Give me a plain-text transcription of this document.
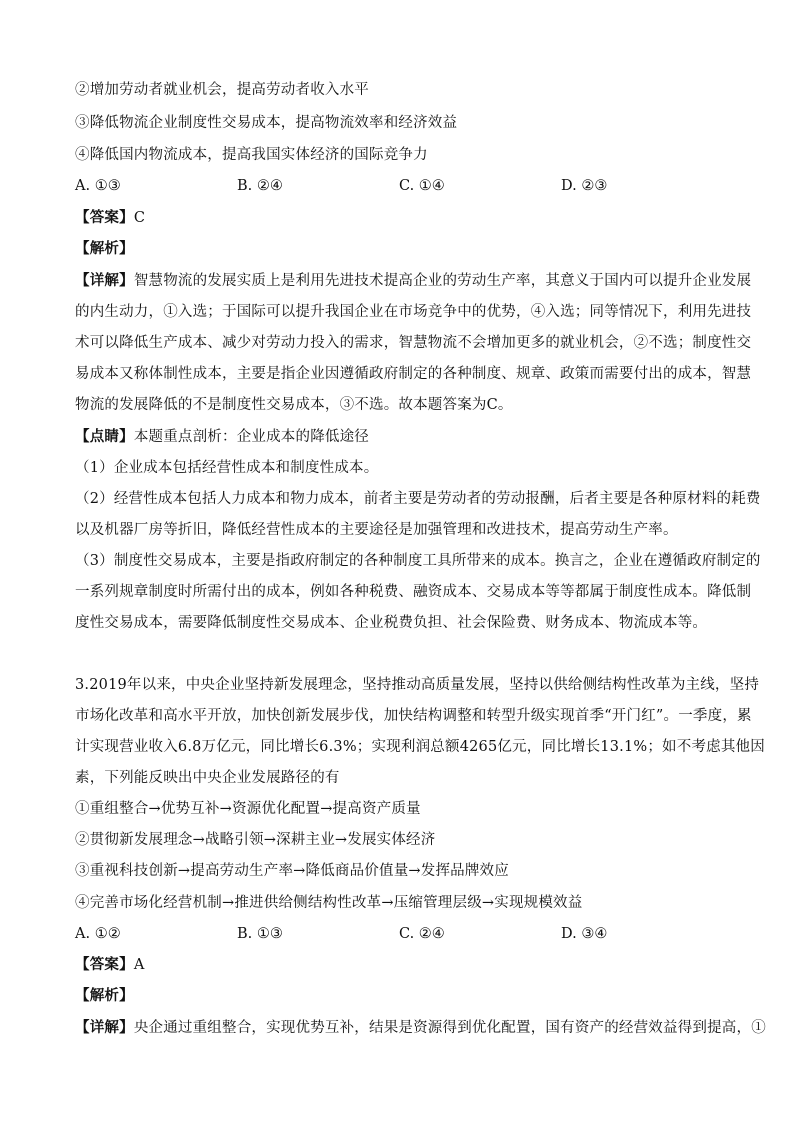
②增加劳动者就业机会，提高劳动者收入水平
③降低物流企业制度性交易成本，提高物流效率和经济效益
④降低国内物流成本，提高我国实体经济的国际竞争力
A. ①③	B. ②④	C. ①④	D. ②③
【答案】C
【解析】
【详解】智慧物流的发展实质上是利用先进技术提高企业的劳动生产率，其意义于国内可以提升企业发展
的内生动力，①入选；于国际可以提升我国企业在市场竞争中的优势，④入选；同等情况下，利用先进技
术可以降低生产成本、减少对劳动力投入的需求，智慧物流不会增加更多的就业机会，②不选；制度性交
易成本又称体制性成本，主要是指企业因遵循政府制定的各种制度、规章、政策而需要付出的成本，智慧
物流的发展降低的不是制度性交易成本，③不选。故本题答案为C。
【点睛】本题重点剖析：企业成本的降低途径
（1）企业成本包括经营性成本和制度性成本。
（2）经营性成本包括人力成本和物力成本，前者主要是劳动者的劳动报酬，后者主要是各种原材料的耗费
以及机器厂房等折旧，降低经营性成本的主要途径是加强管理和改进技术，提高劳动生产率。
（3）制度性交易成本，主要是指政府制定的各种制度工具所带来的成本。换言之，企业在遵循政府制定的
一系列规章制度时所需付出的成本，例如各种税费、融资成本、交易成本等等都属于制度性成本。降低制
度性交易成本，需要降低制度性交易成本、企业税费负担、社会保险费、财务成本、物流成本等。
3.2019年以来，中央企业坚持新发展理念，坚持推动高质量发展，坚持以供给侧结构性改革为主线，坚持
市场化改革和高水平开放，加快创新发展步伐，加快结构调整和转型升级实现首季“开门红”。一季度，累
计实现营业收入6.8万亿元，同比增长6.3%；实现利润总额4265亿元，同比增长13.1%；如不考虑其他因
素，下列能反映出中央企业发展路径的有
①重组整合→优势互补→资源优化配置→提高资产质量
②贯彻新发展理念→战略引领→深耕主业→发展实体经济
③重视科技创新→提高劳动生产率→降低商品价值量→发挥品牌效应
④完善市场化经营机制→推进供给侧结构性改革→压缩管理层级→实现规模效益
A. ①②	B. ①③	C. ②④	D. ③④
【答案】A
【解析】
【详解】央企通过重组整合，实现优势互补，结果是资源得到优化配置，国有资产的经营效益得到提高，①
